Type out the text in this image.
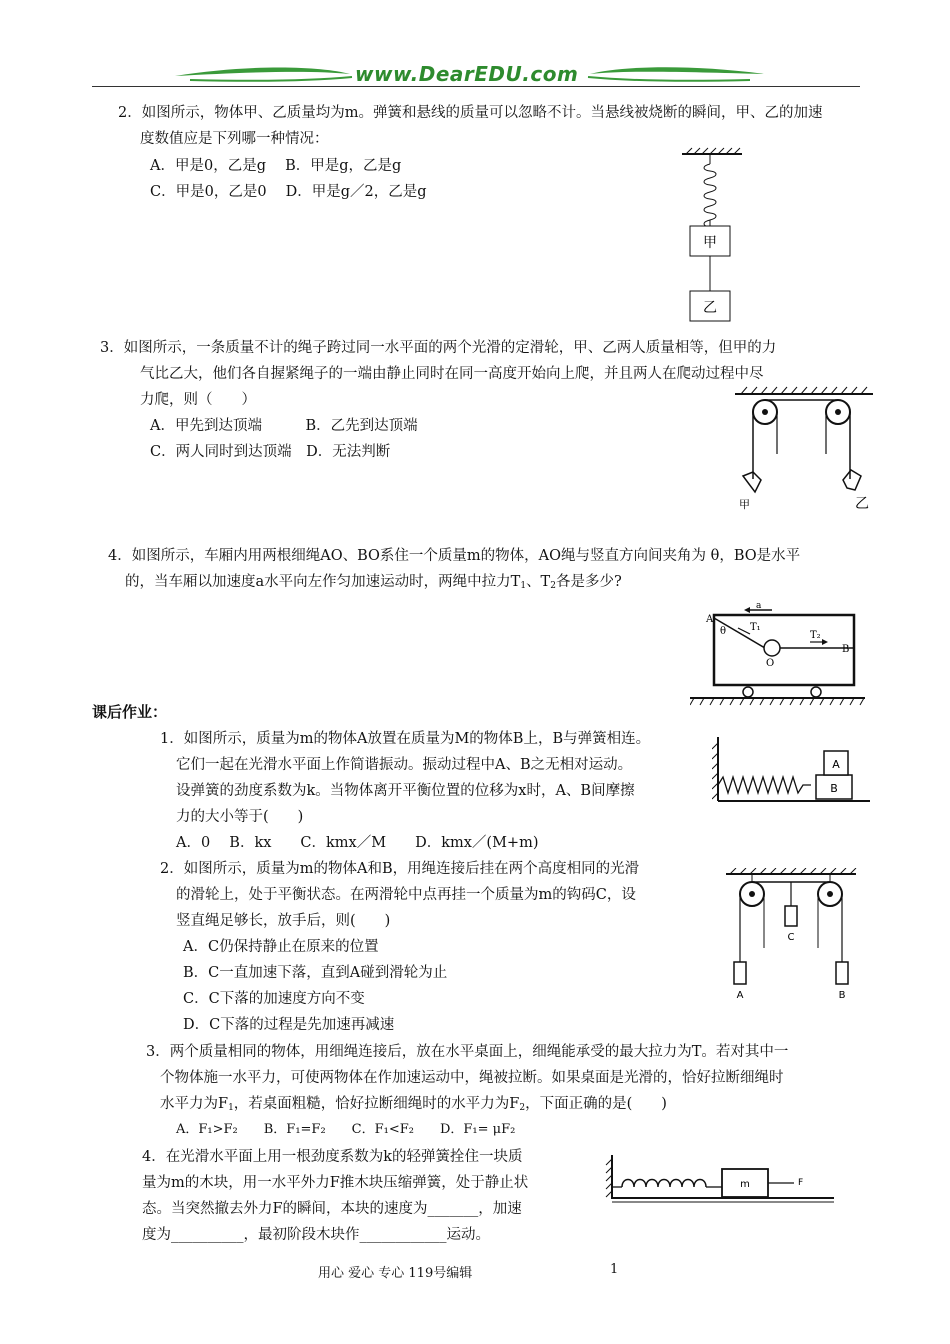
www.DearEDU.com
2．如图所示，物体甲、乙质量均为m。弹簧和悬线的质量可以忽略不计。当悬线被烧断的瞬间，甲、乙的加速
度数值应是下列哪一种情况：
A．甲是0，乙是g　 B．甲是g，乙是g
C．甲是0，乙是0　 D．甲是g／2，乙是g
甲
乙
3．如图所示，一条质量不计的绳子跨过同一水平面的两个光滑的定滑轮，甲、乙两人质量相等，但甲的力
气比乙大，他们各自握紧绳子的一端由静止同时在同一高度开始向上爬，并且两人在爬动过程中尽
力爬，则（　　）
A．甲先到达顶端　　　B．乙先到达顶端
C．两人同时到达顶端　D．无法判断
甲	乙
4．如图所示，车厢内用两根细绳AO、BO系住一个质量m的物体，AO绳与竖直方向间夹角为 θ，BO是水平
的，当车厢以加速度a水平向左作匀加速运动时，两绳中拉力$T_1$、$T_2$各是多少?
a
A
θ T₁
T₂
O
B
课后作业：
1．如图所示，质量为m的物体A放置在质量为M的物体B上，B与弹簧相连。
它们一起在光滑水平面上作简谐振动。振动过程中A、B之无相对运动。
设弹簧的劲度系数为k。当物体离开平衡位置的位移为x时，A、B间摩擦
力的大小等于(　　)
A．0　 B．kx　　C．kmx／M　　D．kmx／(M+m)
A
B
2．如图所示，质量为m的物体A和B，用绳连接后挂在两个高度相同的光滑
的滑轮上，处于平衡状态。在两滑轮中点再挂一个质量为m的钩码C，设
竖直绳足够长，放手后，则(　　)
A．C仍保持静止在原来的位置
B．C一直加速下落，直到A碰到滑轮为止
C．C下落的加速度方向不变
D．C下落的过程是先加速再减速
C
A	B
3．两个质量相同的物体，用细绳连接后，放在水平桌面上，细绳能承受的最大拉力为T。若对其中一
个物体施一水平力，可使两物体在作加速运动中，绳被拉断。如果桌面是光滑的，恰好拉断细绳时
水平力为$F_1$，若桌面粗糙，恰好拉断细绳时的水平力为$F_2$，下面正确的是(　　)
A．F₁>F₂　　B．F₁=F₂　　C．F₁<F₂　　D．F₁= μF₂
4．在光滑水平面上用一根劲度系数为k的轻弹簧拴住一块质
量为m的木块，用一水平外力F推木块压缩弹簧，处于静止状
态。当突然撤去外力F的瞬间，本块的速度为_______，加速
度为__________，最初阶段木块作____________运动。
m	F
用心 爱心 专心 119号编辑	1
